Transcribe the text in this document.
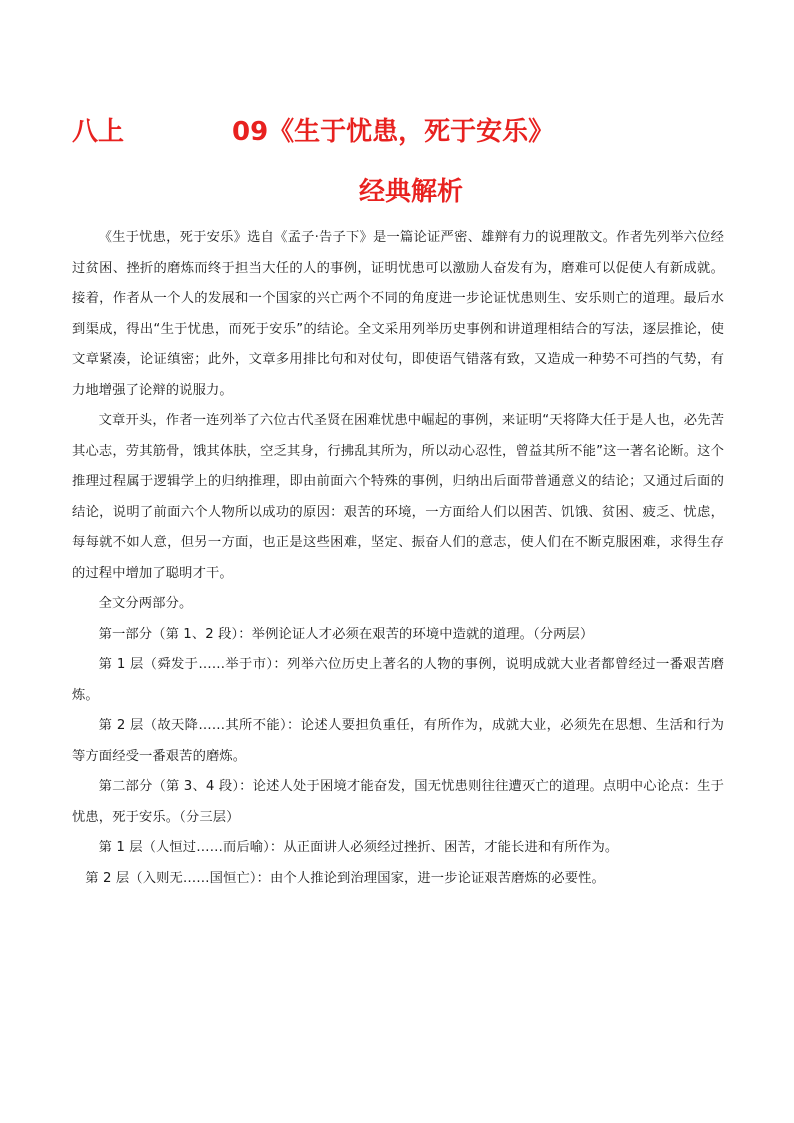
八上	09《生于忧患，死于安乐》
经典解析

《生于忧患，死于安乐》选自《孟子·告子下》是一篇论证严密、雄辩有力的说理散文。作者先列举六位经过贫困、挫折的磨炼而终于担当大任的人的事例，证明忧患可以激励人奋发有为，磨难可以促使人有新成就。接着，作者从一个人的发展和一个国家的兴亡两个不同的角度进一步论证忧患则生、安乐则亡的道理。最后水到渠成，得出“生于忧患，而死于安乐”的结论。全文采用列举历史事例和讲道理相结合的写法，逐层推论，使文章紧凑，论证缜密；此外，文章多用排比句和对仗句，即使语气错落有致，又造成一种势不可挡的气势，有力地增强了论辩的说服力。

文章开头，作者一连列举了六位古代圣贤在困难忧患中崛起的事例，来证明“天将降大任于是人也，必先苦其心志，劳其筋骨，饿其体肤，空乏其身，行拂乱其所为，所以动心忍性，曾益其所不能”这一著名论断。这个推理过程属于逻辑学上的归纳推理，即由前面六个特殊的事例，归纳出后面带普通意义的结论；又通过后面的结论，说明了前面六个人物所以成功的原因：艰苦的环境，一方面给人们以困苦、饥饿、贫困、疲乏、忧虑，每每就不如人意，但另一方面，也正是这些困难，坚定、振奋人们的意志，使人们在不断克服困难，求得生存的过程中增加了聪明才干。

全文分两部分。

第一部分（第 1、2 段）：举例论证人才必须在艰苦的环境中造就的道理。（分两层）

第 1 层（舜发于……举于市）：列举六位历史上著名的人物的事例，说明成就大业者都曾经过一番艰苦磨炼。

第 2 层（故天降……其所不能）：论述人要担负重任，有所作为，成就大业，必须先在思想、生活和行为等方面经受一番艰苦的磨炼。

第二部分（第 3、4 段）：论述人处于困境才能奋发，国无忧患则往往遭灭亡的道理。点明中心论点：生于忧患，死于安乐。（分三层）

第 1 层（人恒过……而后喻）：从正面讲人必须经过挫折、困苦，才能长进和有所作为。

第 2 层（入则无……国恒亡）：由个人推论到治理国家，进一步论证艰苦磨炼的必要性。
